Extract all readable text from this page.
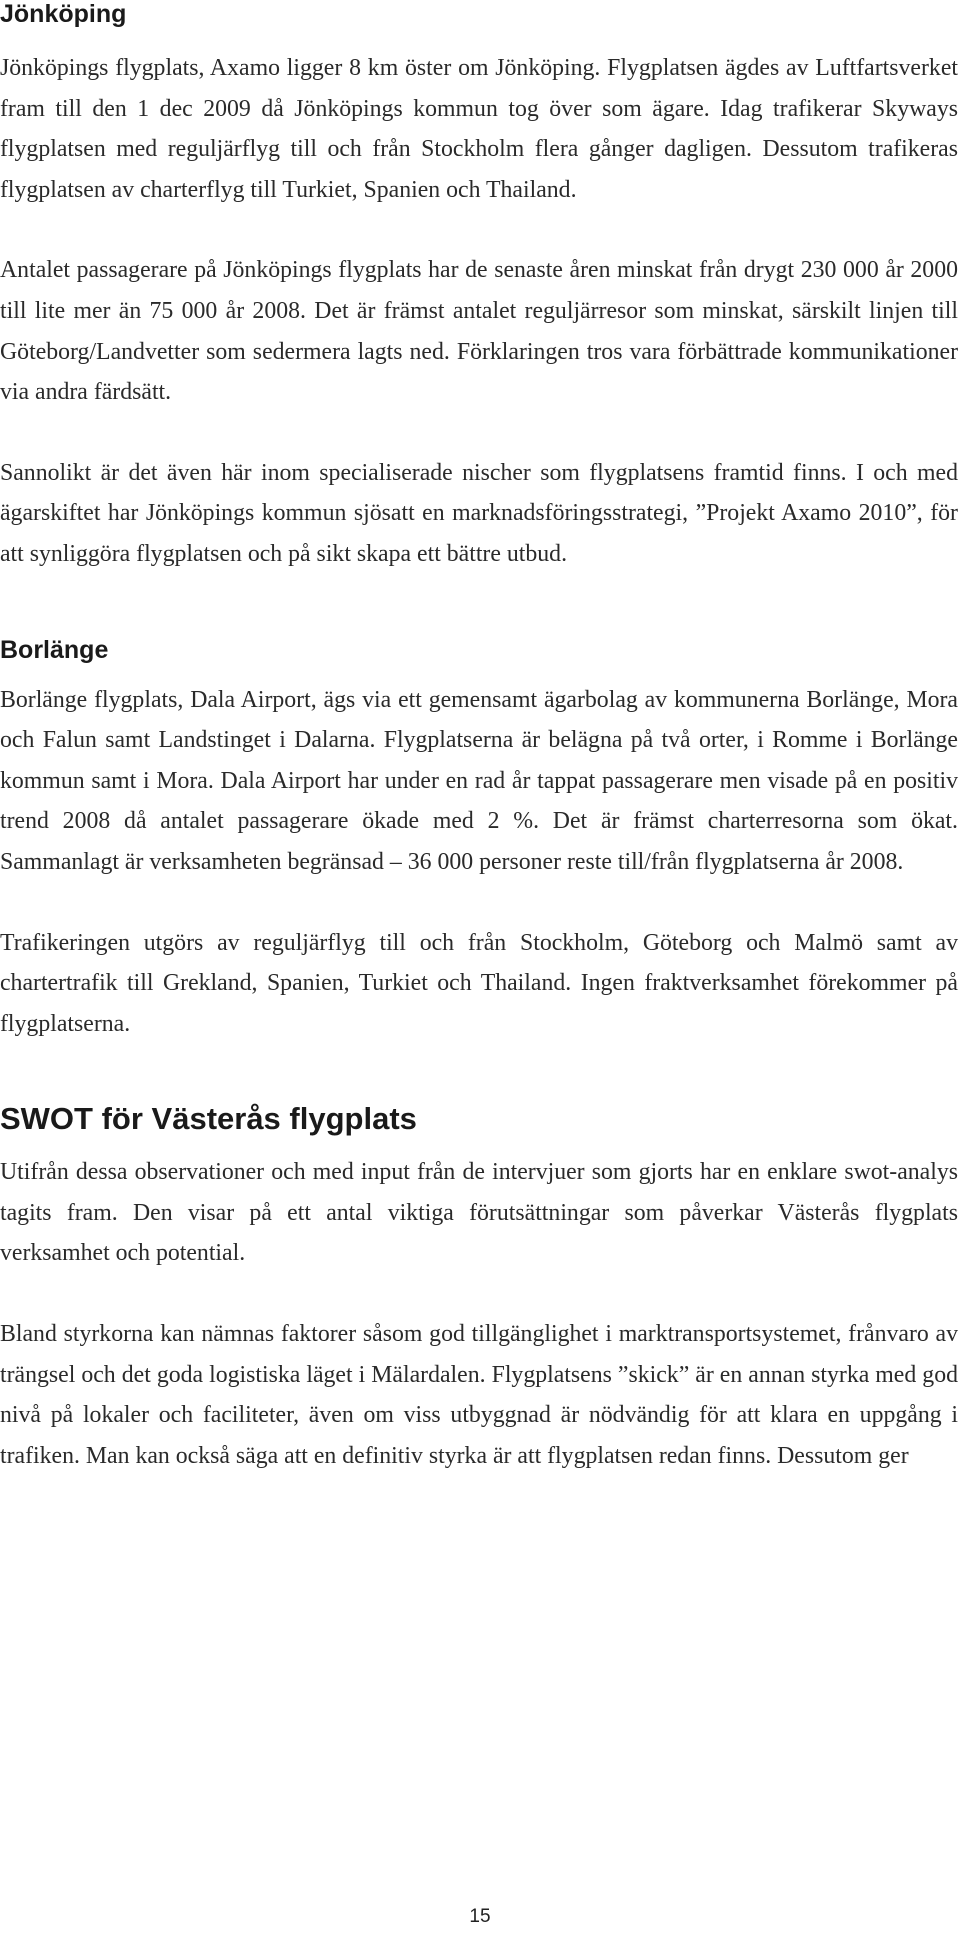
Jönköping

Jönköpings flygplats, Axamo ligger 8 km öster om Jönköping. Flygplatsen ägdes av Luftfartsverket fram till den 1 dec 2009 då Jönköpings kommun tog över som ägare. Idag trafikerar Skyways flygplatsen med reguljärflyg till och från Stockholm flera gånger dagligen. Dessutom trafikeras flygplatsen av charterflyg till Turkiet, Spanien och Thailand.

Antalet passagerare på Jönköpings flygplats har de senaste åren minskat från drygt 230 000 år 2000 till lite mer än 75 000 år 2008. Det är främst antalet reguljärresor som minskat, särskilt linjen till Göteborg/Landvetter som sedermera lagts ned. Förklaringen tros vara förbättrade kommunikationer via andra färdsätt.

Sannolikt är det även här inom specialiserade nischer som flygplatsens framtid finns. I och med ägarskiftet har Jönköpings kommun sjösatt en marknadsföringsstrategi, ”Projekt Axamo 2010”, för att synliggöra flygplatsen och på sikt skapa ett bättre utbud.

Borlänge

Borlänge flygplats, Dala Airport, ägs via ett gemensamt ägarbolag av kommunerna Borlänge, Mora och Falun samt Landstinget i Dalarna. Flygplatserna är belägna på två orter, i Romme i Borlänge kommun samt i Mora. Dala Airport har under en rad år tappat passagerare men visade på en positiv trend 2008 då antalet passagerare ökade med 2 %. Det är främst charterresorna som ökat. Sammanlagt är verksamheten begränsad – 36 000 personer reste till/från flygplatserna år 2008.

Trafikeringen utgörs av reguljärflyg till och från Stockholm, Göteborg och Malmö samt av chartertrafik till Grekland, Spanien, Turkiet och Thailand. Ingen fraktverksamhet förekommer på flygplatserna.

SWOT för Västerås flygplats

Utifrån dessa observationer och med input från de intervjuer som gjorts har en enklare swot-analys tagits fram. Den visar på ett antal viktiga förutsättningar som påverkar Västerås flygplats verksamhet och potential.

Bland styrkorna kan nämnas faktorer såsom god tillgänglighet i marktransportsystemet, frånvaro av trängsel och det goda logistiska läget i Mälardalen. Flygplatsens ”skick” är en annan styrka med god nivå på lokaler och faciliteter, även om viss utbyggnad är nödvändig för att klara en uppgång i trafiken. Man kan också säga att en definitiv styrka är att flygplatsen redan finns. Dessutom ger

15
